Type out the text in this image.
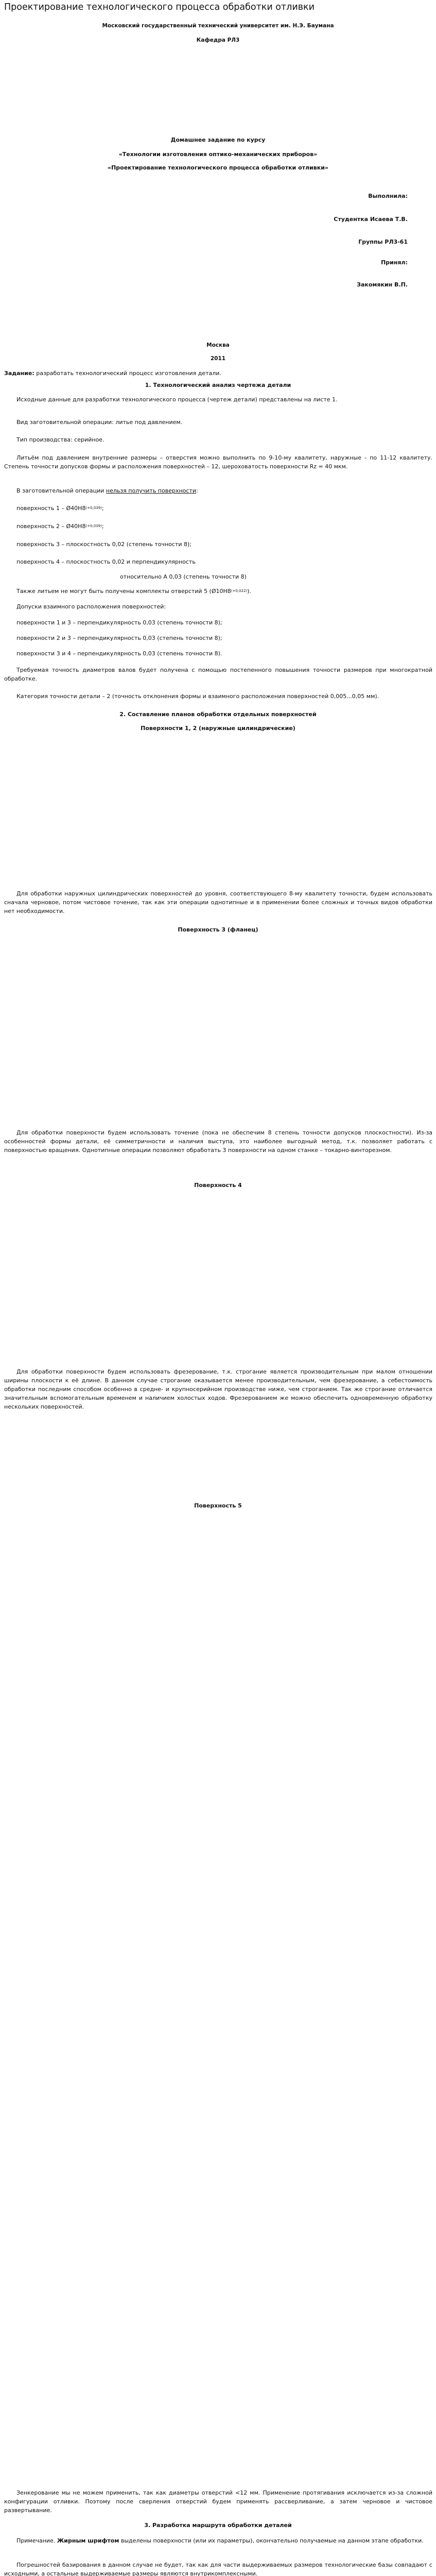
Проектирование технологического процесса обработки отливки

Московский государственный технический университет им. Н.Э. Баумана

Кафедра РЛ3

Домашнее задание по курсу

«Технологии изготовления оптико-механических приборов»

«Проектирование технологического процесса обработки отливки»

Выполнила:

Студентка Исаева Т.В.

Группы РЛ3-61

Принял:

Закомякин В.П.

Москва

2011

Задание: разработать технологический процесс изготовления детали.

1. Технологический анализ чертежа детали

Исходные данные для разработки технологического процесса (чертеж детали) представлены на листе 1.

Вид заготовительной операции: литье под давлением.

Тип производства: серийное.

Литьём под давлением внутренние размеры – отверстия можно выполнить по 9-10-му квалитету, наружные - по 11-12 квалитету. Степень точности допусков формы и расположения поверхностей – 12, шероховатость поверхности Rz = 40 мкм.

В заготовительной операции нельзя получить поверхности:

поверхность $1 - Ø40H8^{(+0,039)}$;

поверхность $2 - Ø40H8^{(+0,039)}$;

поверхность 3 – плоскостность 0,02 (степень точности 8);

поверхность 4 – плоскостность 0,02 и перпендикулярность

относительно А 0,03 (степень точности 8)

Также литьем не могут быть получены комплекты отверстий 5 $(Ø10H8^{(+0,022)})$.

Допуски взаимного расположения поверхностей:

поверхности 1 и 3 – перпендикулярность 0,03 (степень точности 8);

поверхности 2 и 3 – перпендикулярность 0,03 (степень точности 8);

поверхности 3 и 4 – перпендикулярность 0,03 (степень точности 8).

Требуемая точность диаметров валов будет получена с помощью постепенного повышения точности размеров при многократной обработке.

Категория точности детали – 2 (точность отклонения формы и взаимного расположения поверхностей 0,005...0,05 мм).

2. Составление планов обработки отдельных поверхностей

Поверхности 1, 2 (наружные цилиндрические)

Для обработки наружных цилиндрических поверхностей до уровня, соответствующего 8-му квалитету точности, будем использовать сначала черновое, потом чистовое точение, так как эти операции однотипные и в применении более сложных и точных видов обработки нет необходимости.

Поверхность 3 (фланец)

Для обработки поверхности будем использовать точение (пока не обеспечим 8 степень точности допусков плоскостности). Из-за особенностей формы детали, её симметричности и наличия выступа, это наиболее выгодный метод, т.к. позволяет работать с поверхностью вращения. Однотипные операции позволяют обработать 3 поверхности на одном станке – токарно-винторезном.

Поверхность 4

Для обработки поверхности будем использовать фрезерование, т.к. строгание является производительным при малом отношении ширины плоскости к её длине. В данном случае строгание оказывается менее производительным, чем фрезерование, а себестоимость обработки последним способом особенно в средне- и крупносерийном производстве ниже, чем строганием. Так же строгание отличается значительным вспомогательным временем и наличием холостых ходов. Фрезерованием же можно обеспечить одновременную обработку нескольких поверхностей.

Поверхность 5

Зенкерование мы не можем применить, так как диаметры отверстий <12 мм. Применение протягивания исключается из-за сложной конфигурации отливки. Поэтому после сверления отверстий будем применять рассверливание, а затем черновое и чистовое развертывание.

3. Разработка маршрута обработки деталей

Примечание. Жирным шрифтом выделены поверхности (или их параметры), окончательно получаемые на данном этапе обработки.

Погрешностей базирования в данном случае не будет, так как для части выдерживаемых размеров технологические базы совпадают с исходными, а остальные выдерживаемые размеры являются внутрикомплексными.
